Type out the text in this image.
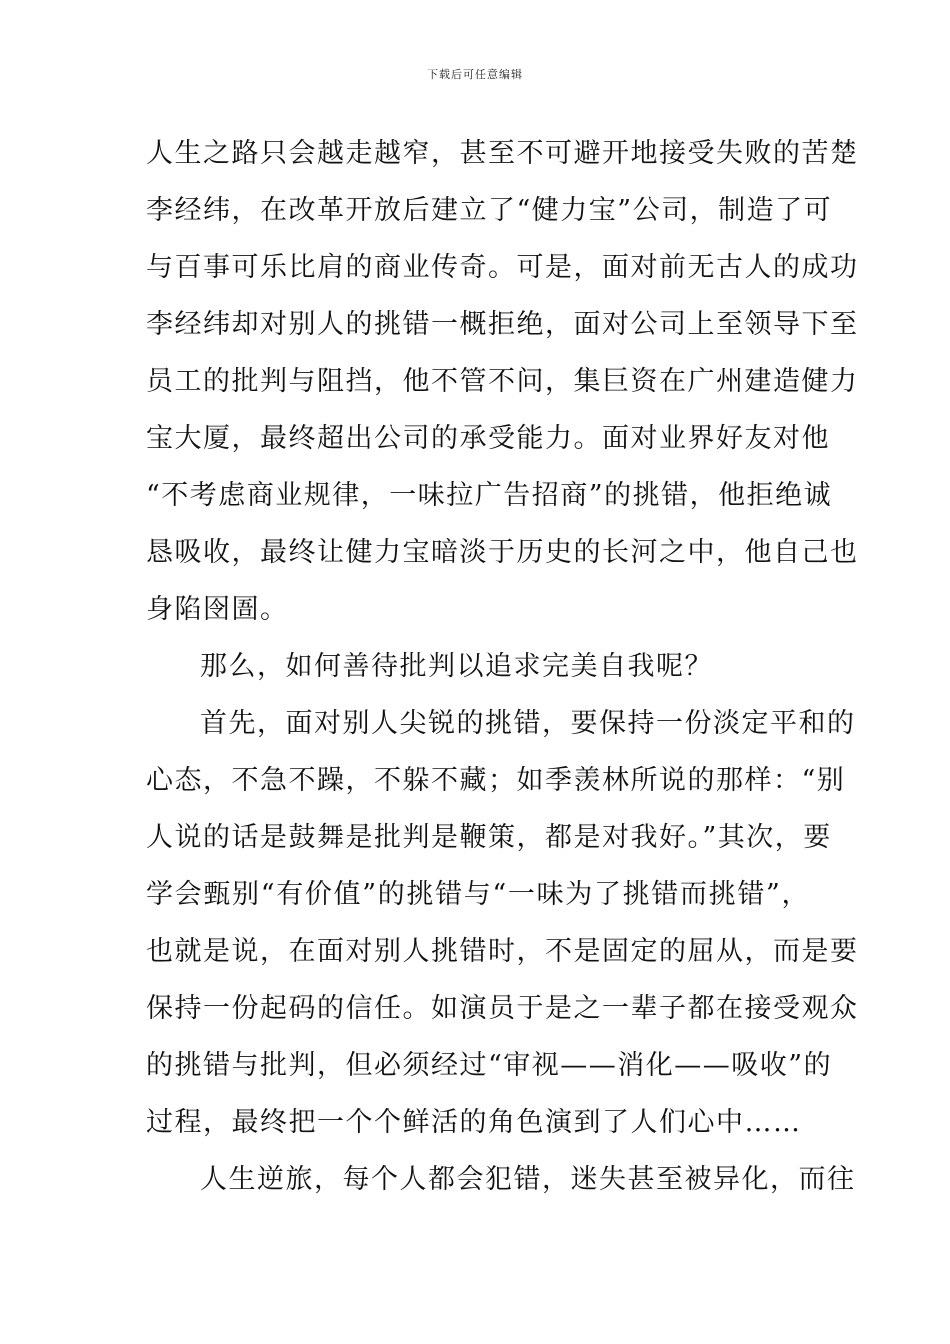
下载后可任意编辑
人生之路只会越走越窄，甚至不可避开地接受失败的苦楚
李经纬，在改革开放后建立了“健力宝”公司，制造了可
与百事可乐比肩的商业传奇。可是，面对前无古人的成功
李经纬却对别人的挑错一概拒绝，面对公司上至领导下至
员工的批判与阻挡，他不管不问，集巨资在广州建造健力
宝大厦，最终超出公司的承受能力。面对业界好友对他
“不考虑商业规律，一味拉广告招商”的挑错，他拒绝诚
恳吸收，最终让健力宝暗淡于历史的长河之中，他自己也
身陷囹圄。
那么，如何善待批判以追求完美自我呢？
首先，面对别人尖锐的挑错，要保持一份淡定平和的
心态，不急不躁，不躲不藏；如季羡林所说的那样：“别
人说的话是鼓舞是批判是鞭策，都是对我好。”其次，要
学会甄别“有价值”的挑错与“一味为了挑错而挑错”，
也就是说，在面对别人挑错时，不是固定的屈从，而是要
保持一份起码的信任。如演员于是之一辈子都在接受观众
的挑错与批判，但必须经过“审视——消化——吸收”的
过程，最终把一个个鲜活的角色演到了人们心中……
人生逆旅，每个人都会犯错，迷失甚至被异化，而往
